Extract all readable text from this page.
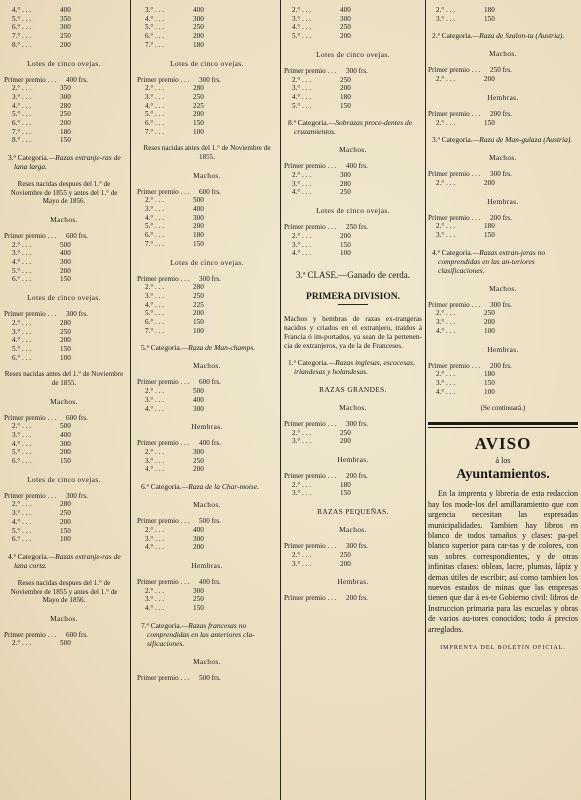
4.° . . .	400
5.° . . .	350
6.° . . .	300
7.° . . .	250
8.° . . .	200
Lotes de cinco ovejas.
Primer premio . . .	400 frs.
2.° . . .	350
3.° . . .	300
4.° . . .	280
5.° . . .	250
6.° . . .	200
7.° . . .	180
8.° . . .	150
3.ª Categoria.—Razas extranje-ras de lana larga.
Reses nacidas despues del 1.° de Noviembre de 1855 y antes del 1.° de Mayo de 1856.
Machos.
Primer premio . . .	600 frs.
2.° . . .	500
3.° . . .	400
4.° . . .	300
5.° . . .	200
6.° . . .	150
Lotes de cinco ovejas.
Primer premio . . .	300 frs.
2.° . . .	280
3.° . . .	250
4.° . . .	200
5.° . . .	150
6.° . . .	100
Reses nacidas antes del 1.° de Noviembre de 1855.
Machos.
Primer premio . . .	600 frs.
2.° . . .	500
3.° . . .	400
4.° . . .	300
5.° . . .	200
6.° . . .	150
Lotes de cinco ovejas.
Primer premio . . .	300 frs.
2.° . . .	280
3.° . . .	250
4.° . . .	200
5.° . . .	150
6.° . . .	100
4.ª Categoria.—Razas extranje-ras de lana corta.
Reses nacidas despues del 1.° de Noviembre de 1855 y antes del 1.° de Mayo de 1856.
Machos.
Primer premio . . .	600 frs.
2.° . . .	500
3.° . . .	400
4.° . . .	300
5.° . . .	250
6.° . . .	200
7.° . . .	180
Lotes de cinco ovejas.
Primer premio . . .	300 frs.
2.° . . .	280
3.° . . .	250
4.° . . .	225
5.° . . .	200
6.° . . .	150
7.° . . .	100
Reses nacidas antes del 1.° de Noviembre de 1855.
Machos.
Primer premio . . .	600 frs.
2.° . . .	500
3.° . . .	400
4.° . . .	300
5.° . . .	200
6.° . . .	180
7.° . . .	150
Lotes de cinco ovejas.
Primer premio . . .	300 frs.
2.° . . .	280
3.° . . .	250
4.° . . .	225
5.° . . .	200
6.° . . .	150
7.° . . .	100
5.ª Categoria.—Raza de Man-champs.
Machos.
Primer premio . . .	600 frs.
2.° . . .	500
3.° . . .	400
4.° . . .	300
Hembras.
Primer premio . . .	400 frs.
2.° . . .	300
3.° . . .	250
4.° . . .	200
6.ª Categoria.—Raza de la Char-moise.
Machos.
Primer premio . . .	500 frs.
2.° . . .	400
3.° . . .	300
4.° . . .	200
Hembras.
Primer premio . . .	400 frs.
2.° . . .	300
3.° . . .	250
4.° . . .	150
7.ª Categoria.—Razas francesas no comprendidas en las anteriores cla-sificaciones.
Machos.
Primer premio . . .	500 frs.
2.° . . .	400
3.° . . .	300
4.° . . .	250
5.° . . .	200
Lotes de cinco ovejas.
Primer premio . . .	300 frs.
2.° . . .	250
3.° . . .	200
4.° . . .	180
5.° . . .	150
8.ª Categoria.—Sobrazas proce-dentes de cruzamientos.
Machos.
Primer premio . . .	400 frs.
2.° . . .	300
3.° . . .	280
4.° . . .	250
Lotes de cinco ovejas.
Primer premio . . .	250 frs.
2.° . . .	200
3.° . . .	150
4.° . . .	100
3.ª CLASE.—Ganado de cerda.
PRIMERA DIVISION.
Machos y hembras de razas ex-trangeras nacidos y criados en el extranjero, traidos á Francia ó im-portados, ya sean de la pertenen-cia de extranjeros, ya de la de Franceses.
1.ª Categoria.—Razas inglesas, escocesas, irlandesas y holandesas.
RAZAS GRANDES.
Machos.
Primer premio . . .	300 frs.
2.° . . .	250
3.° . . .	200
Hembras.
Primer premio . . .	200 frs.
2.° . . .	180
3.° . . .	150
RAZAS PEQUEÑAS.
Machos.
Primer premio . . .	300 frs.
2.° . . .	250
3.° . . .	200
Hembras.
Primer premio . . .	200 frs.
2.° . . .	180
3.° . . .	150
2.ª Categoria.—Raza de Szalon-ta (Austria).
Machos.
Primer premio . . .	250 frs.
2.° . . .	200
Hembras.
Primer premio . . .	200 frs.
2.° . . .	150
3.ª Categoria.—Raza de Man-gulaza (Austria).
Machos.
Primer premio . . .	300 frs.
2.° . . .	200
Hembras.
Primer premio . . .	200 frs.
2.° . . .	180
3.° . . .	150
4.ª Categoria.—Razas extran-jeras no comprendidas en las an-teriores clasificaciones.
Machos.
Primer premio . . .	300 frs.
2.° . . .	250
3.° . . .	200
4.° . . .	100
Hembras.
Primer premio . . .	200 frs.
2.° . . .	180
3.° . . .	150
4.° . . .	100
(Se continuará.)
AVISO
á los
Ayuntamientos.
En la imprenta y libreria de esta redaccion hay los mode-los del amillaramiento que con urgencia necesitan las espresadas municipalidades. Tambien hay libros en blanco de todos tamaños y clases: pa-pel blanco superior para car-tas y de colores, con sus sobres correspondientes, y de otras infinitas clases: obleas, lacre, plumas, lápiz y demas útiles de escribir; así como tambien los nuevos estados de minas que las empresas tienen que dar á es-te Gobierno civil: libros de Instruccion primaria para las escuelas y obras de varios au-tores conocidos; todo á precios arreglados.
IMPRENTA DEL BOLETIN OFICIAL.
